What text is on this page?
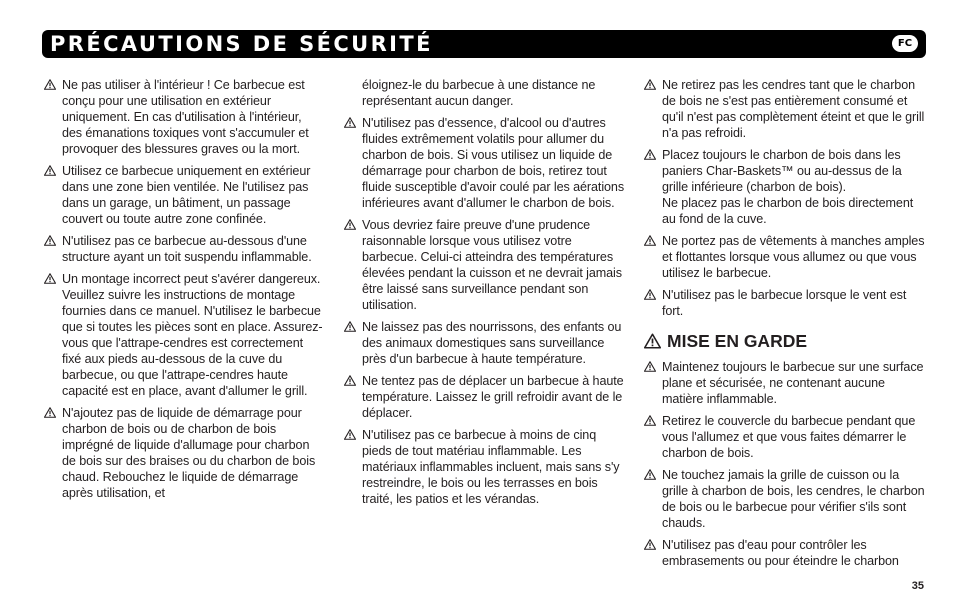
PRÉCAUTIONS DE SÉCURITÉ	FC
Ne pas utiliser à l'intérieur ! Ce barbecue est conçu pour une utilisation en extérieur uniquement. En cas d'utilisation à l'intérieur, des émanations toxiques vont s'accumuler et provoquer des blessures graves ou la mort.
Utilisez ce barbecue uniquement en extérieur dans une zone bien ventilée. Ne l'utilisez pas dans un garage, un bâtiment, un passage couvert ou toute autre zone confinée.
N'utilisez pas ce barbecue au-dessous d'une structure ayant un toit suspendu inflammable.
Un montage incorrect peut s'avérer dangereux. Veuillez suivre les instructions de montage fournies dans ce manuel. N'utilisez le barbecue que si toutes les pièces sont en place. Assurez-vous que l'attrape-cendres est correctement fixé aux pieds au-dessous de la cuve du barbecue, ou que l'attrape-cendres haute capacité est en place, avant d'allumer le grill.
N'ajoutez pas de liquide de démarrage pour charbon de bois ou de charbon de bois imprégné de liquide d'allumage pour charbon de bois sur des braises ou du charbon de bois chaud. Rebouchez le liquide de démarrage après utilisation, et
éloignez-le du barbecue à une distance ne représentant aucun danger.
N'utilisez pas d'essence, d'alcool ou d'autres fluides extrêmement volatils pour allumer du charbon de bois. Si vous utilisez un liquide de démarrage pour charbon de bois, retirez tout fluide susceptible d'avoir coulé par les aérations inférieures avant d'allumer le charbon de bois.
Vous devriez faire preuve d'une prudence raisonnable lorsque vous utilisez votre barbecue. Celui-ci atteindra des températures élevées pendant la cuisson et ne devrait jamais être laissé sans surveillance pendant son utilisation.
Ne laissez pas des nourrissons, des enfants ou des animaux domestiques sans surveillance près d'un barbecue à haute température.
Ne tentez pas de déplacer un barbecue à haute température. Laissez le grill refroidir avant de le déplacer.
N'utilisez pas ce barbecue à moins de cinq pieds de tout matériau inflammable. Les matériaux inflammables incluent, mais sans s'y restreindre, le bois ou les terrasses en bois traité, les patios et les vérandas.
Ne retirez pas les cendres tant que le charbon de bois ne s'est pas entièrement consumé et qu'il n'est pas complètement éteint et que le grill n'a pas refroidi.
Placez toujours le charbon de bois dans les paniers Char-Baskets™ ou au-dessus de la grille inférieure (charbon de bois).
Ne placez pas le charbon de bois directement au fond de la cuve.
Ne portez pas de vêtements à manches amples et flottantes lorsque vous allumez ou que vous utilisez le barbecue.
N'utilisez pas le barbecue lorsque le vent est fort.
MISE EN GARDE
Maintenez toujours le barbecue sur une surface plane et sécurisée, ne contenant aucune matière inflammable.
Retirez le couvercle du barbecue pendant que vous l'allumez et que vous faites démarrer le charbon de bois.
Ne touchez jamais la grille de cuisson ou la grille à charbon de bois, les cendres, le charbon de bois ou le barbecue pour vérifier s'ils sont chauds.
N'utilisez pas d'eau pour contrôler les embrasements ou pour éteindre le charbon
35
